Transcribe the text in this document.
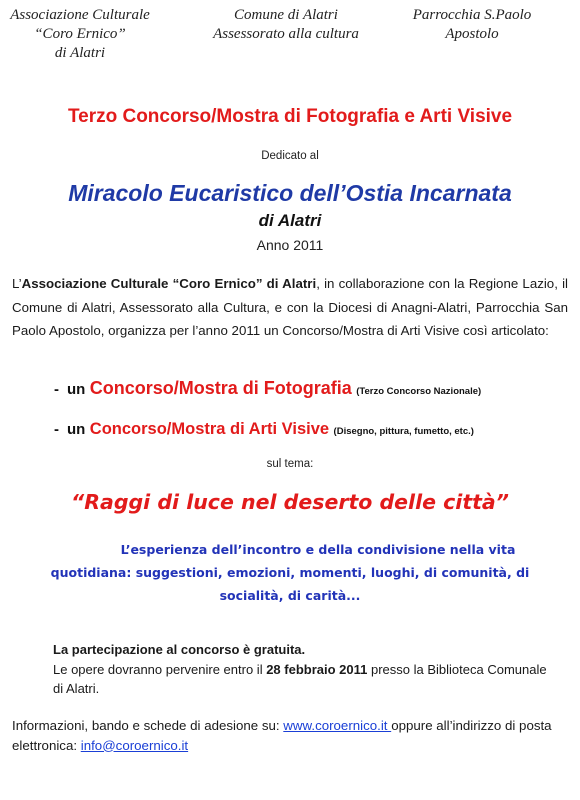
Associazione Culturale
“Coro Ernico”
di Alatri
Comune di Alatri
Assessorato alla cultura
Parrocchia S.Paolo
Apostolo
Terzo Concorso/Mostra di Fotografia e Arti Visive
Dedicato al
Miracolo Eucaristico dell’Ostia Incarnata
di Alatri
Anno 2011

L’Associazione Culturale “Coro Ernico” di Alatri, in collaborazione con la Regione Lazio, il Comune di Alatri, Assessorato alla Cultura, e con la Diocesi di Anagni-Alatri, Parrocchia San Paolo Apostolo, organizza per l’anno 2011 un Concorso/Mostra di Arti Visive così articolato:

- un Concorso/Mostra di Fotografia (Terzo Concorso Nazionale)
- un Concorso/Mostra di Arti Visive (Disegno, pittura, fumetto, etc.)
sul tema:
“Raggi di luce nel deserto delle città”
L’esperienza dell’incontro e della condivisione nella vita
quotidiana: suggestioni, emozioni, momenti, luoghi, di comunità, di
socialità, di carità...
La partecipazione al concorso è gratuita.
Le opere dovranno pervenire entro il 28 febbraio 2011 presso la Biblioteca Comunale di Alatri.

Informazioni, bando e schede di adesione su: www.coroernico.it oppure all’indirizzo di posta elettronica: info@coroernico.it
